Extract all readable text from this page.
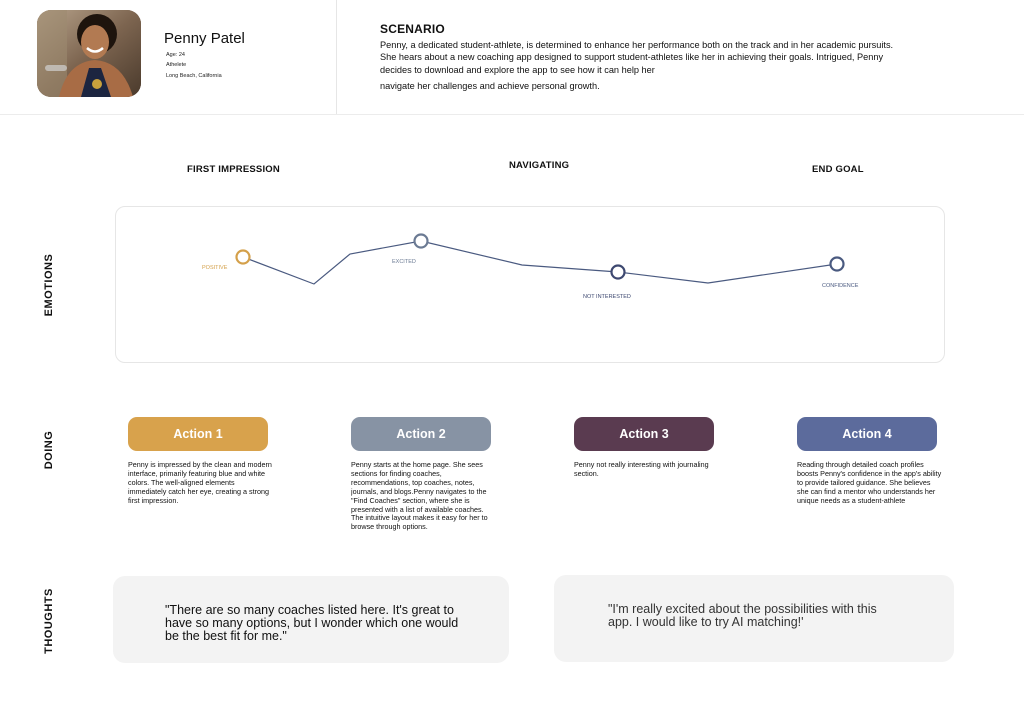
Penny Patel
Age: 24
Athelete
Long Beach, California
SCENARIO
Penny, a dedicated student-athlete, is determined to enhance her performance both on the track and in her academic pursuits. She hears about a new coaching app designed to support student-athletes like her in achieving their goals. Intrigued, Penny decides to download and explore the app to see how it can help her
navigate her challenges and achieve personal growth.
FIRST IMPRESSION	NAVIGATING	END GOAL
EMOTIONS
DOING
THOUGHTS
POSITIVE
EXCITED
NOT INTERESTED
CONFIDENCE
Action 1	Action 2	Action 3	Action 4
Penny is impressed by the clean and modern
interface, primarily featuring blue and white
colors. The well-aligned elements
immediately catch her eye, creating a strong
first impression.
Penny starts at the home page. She sees
sections for finding coaches,
recommendations, top coaches, notes,
journals, and blogs.Penny navigates to the
"Find Coaches" section, where she is
presented with a list of available coaches.
The intuitive layout makes it easy for her to
browse through options.
Penny not really interesting with journaling
section.
Reading through detailed coach profiles
boosts Penny's confidence in the app's ability
to provide tailored guidance. She believes
she can find a mentor who understands her
unique needs as a student-athlete
"There are so many coaches listed here. It's great to
have so many options, but I wonder which one would
be the best fit for me."
"I'm really excited about the possibilities with this
app. I would like to try AI matching!'
